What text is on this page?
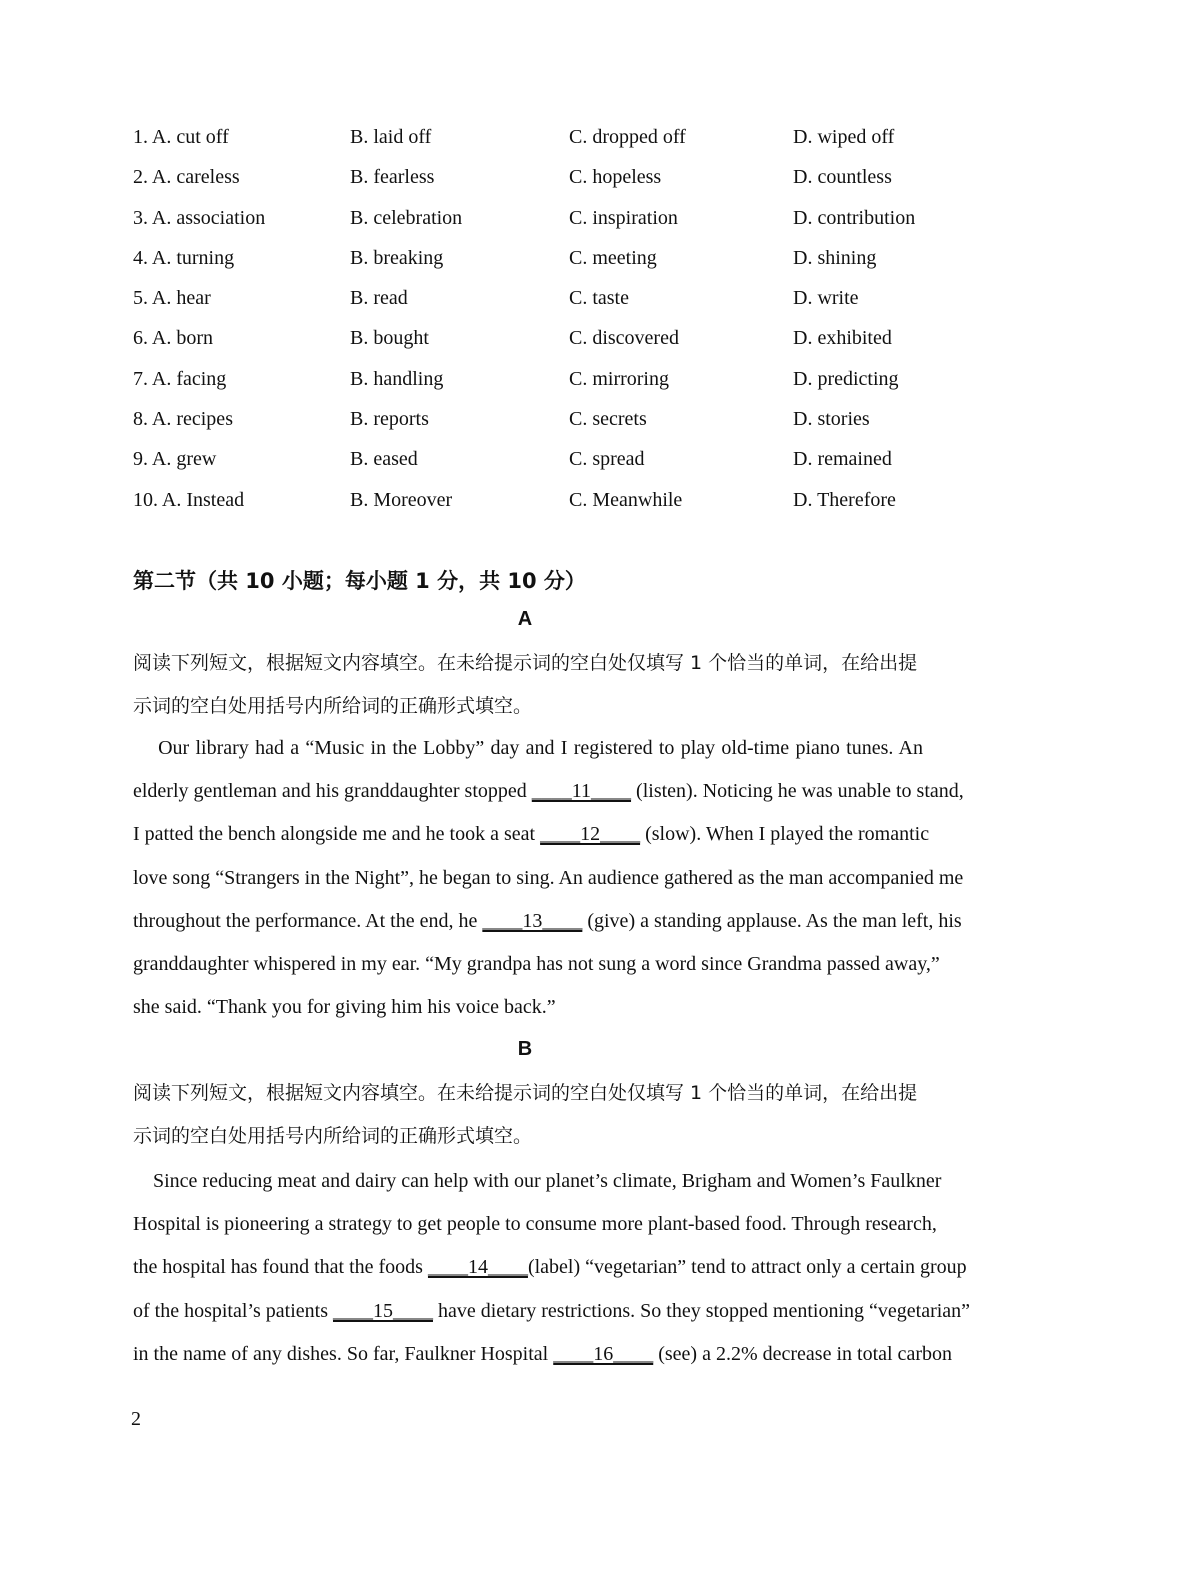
1. A. cut off	B. laid off	C. dropped off	D. wiped off
2. A. careless	B. fearless	C. hopeless	D. countless
3. A. association	B. celebration	C. inspiration	D. contribution
4. A. turning	B. breaking	C. meeting	D. shining
5. A. hear	B. read	C. taste	D. write
6. A. born	B. bought	C. discovered	D. exhibited
7. A. facing	B. handling	C. mirroring	D. predicting
8. A. recipes	B. reports	C. secrets	D. stories
9. A. grew	B. eased	C. spread	D. remained
10. A. Instead	B. Moreover	C. Meanwhile	D. Therefore
第二节（共 10 小题；每小题 1 分，共 10 分）
A
阅读下列短文，根据短文内容填空。在未给提示词的空白处仅填写 1 个恰当的单词，在给出提
示词的空白处用括号内所给词的正确形式填空。
Our library had a “Music in the Lobby” day and I registered to play old-time piano tunes. An
elderly gentleman and his granddaughter stopped ____11____ (listen). Noticing he was unable to stand,
I patted the bench alongside me and he took a seat ____12____ (slow). When I played the romantic
love song “Strangers in the Night”, he began to sing. An audience gathered as the man accompanied me
throughout the performance. At the end, he ____13____ (give) a standing applause. As the man left, his
granddaughter whispered in my ear. “My grandpa has not sung a word since Grandma passed away,”
she said. “Thank you for giving him his voice back.”
B
阅读下列短文，根据短文内容填空。在未给提示词的空白处仅填写 1 个恰当的单词，在给出提
示词的空白处用括号内所给词的正确形式填空。
Since reducing meat and dairy can help with our planet’s climate, Brigham and Women’s Faulkner
Hospital is pioneering a strategy to get people to consume more plant-based food. Through research,
the hospital has found that the foods ____14____(label) “vegetarian” tend to attract only a certain group
of the hospital’s patients ____15____ have dietary restrictions. So they stopped mentioning “vegetarian”
in the name of any dishes. So far, Faulkner Hospital ____16____ (see) a 2.2% decrease in total carbon
2
